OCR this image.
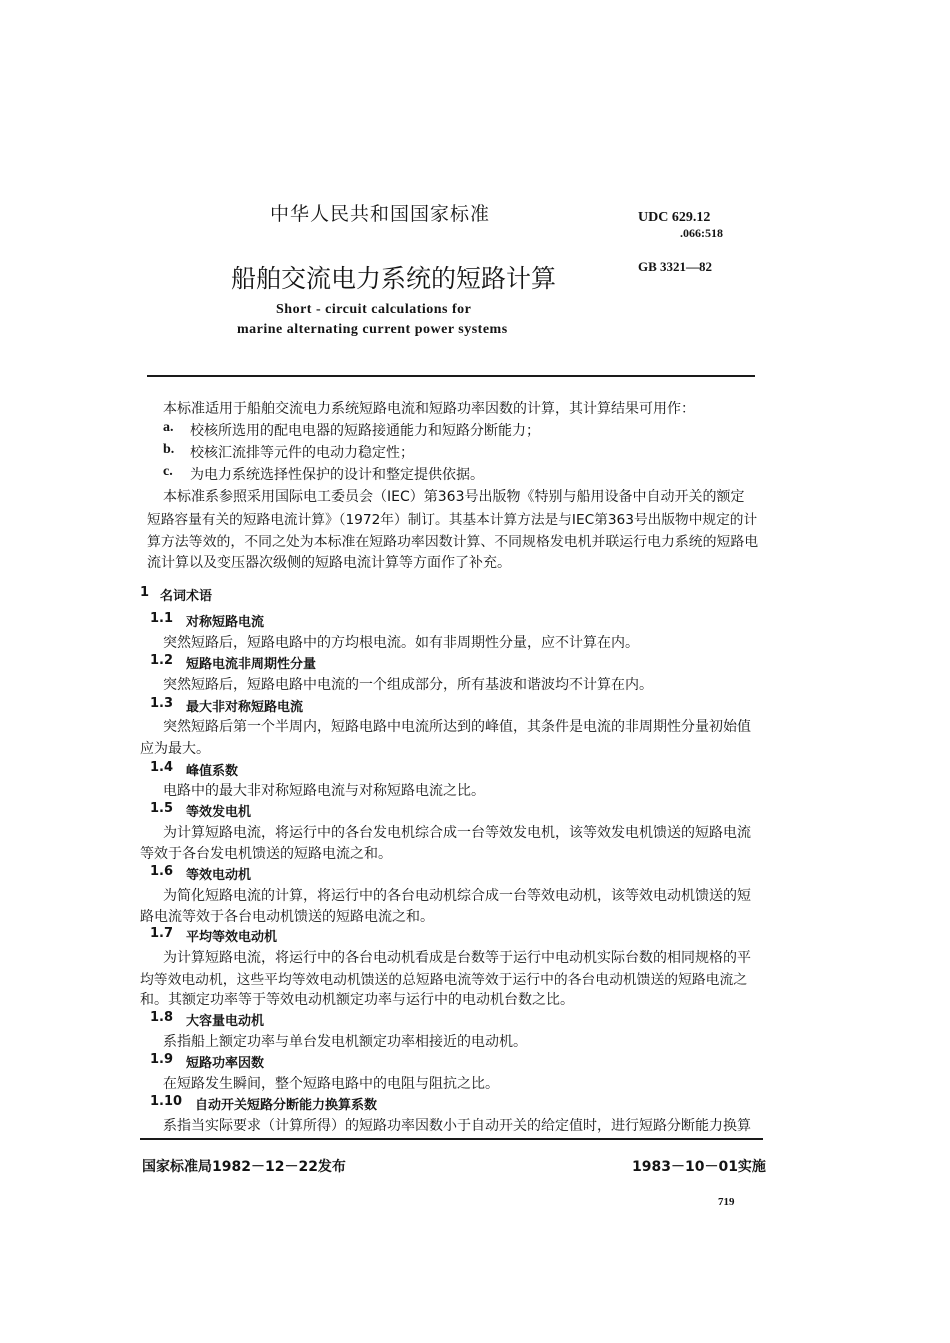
中华人民共和国国家标准	UDC 629.12
.066:518
GB 3321—82
船舶交流电力系统的短路计算
Short - circuit calculations for
marine alternating current power systems
本标准适用于船舶交流电力系统短路电流和短路功率因数的计算，其计算结果可用作：
a. 校核所选用的配电电器的短路接通能力和短路分断能力；
b. 校核汇流排等元件的电动力稳定性；
c. 为电力系统选择性保护的设计和整定提供依据。
本标准系参照采用国际电工委员会（IEC）第363号出版物《特别与船用设备中自动开关的额定
短路容量有关的短路电流计算》（1972年）制订。其基本计算方法是与IEC第363号出版物中规定的计
算方法等效的，不同之处为本标准在短路功率因数计算、不同规格发电机并联运行电力系统的短路电
流计算以及变压器次级侧的短路电流计算等方面作了补充。
1 名词术语
1.1 对称短路电流
突然短路后，短路电路中的方均根电流。如有非周期性分量，应不计算在内。
1.2 短路电流非周期性分量
突然短路后，短路电路中电流的一个组成部分，所有基波和谐波均不计算在内。
1.3 最大非对称短路电流
突然短路后第一个半周内，短路电路中电流所达到的峰值，其条件是电流的非周期性分量初始值
应为最大。
1.4 峰值系数
电路中的最大非对称短路电流与对称短路电流之比。
1.5 等效发电机
为计算短路电流，将运行中的各台发电机综合成一台等效发电机，该等效发电机馈送的短路电流
等效于各台发电机馈送的短路电流之和。
1.6 等效电动机
为简化短路电流的计算，将运行中的各台电动机综合成一台等效电动机，该等效电动机馈送的短
路电流等效于各台电动机馈送的短路电流之和。
1.7 平均等效电动机
为计算短路电流，将运行中的各台电动机看成是台数等于运行中电动机实际台数的相同规格的平
均等效电动机，这些平均等效电动机馈送的总短路电流等效于运行中的各台电动机馈送的短路电流之
和。其额定功率等于等效电动机额定功率与运行中的电动机台数之比。
1.8 大容量电动机
系指船上额定功率与单台发电机额定功率相接近的电动机。
1.9 短路功率因数
在短路发生瞬间，整个短路电路中的电阻与阻抗之比。
1.10 自动开关短路分断能力换算系数
系指当实际要求（计算所得）的短路功率因数小于自动开关的给定值时，进行短路分断能力换算
国家标准局1982－12－22发布	1983－10－01实施
719
